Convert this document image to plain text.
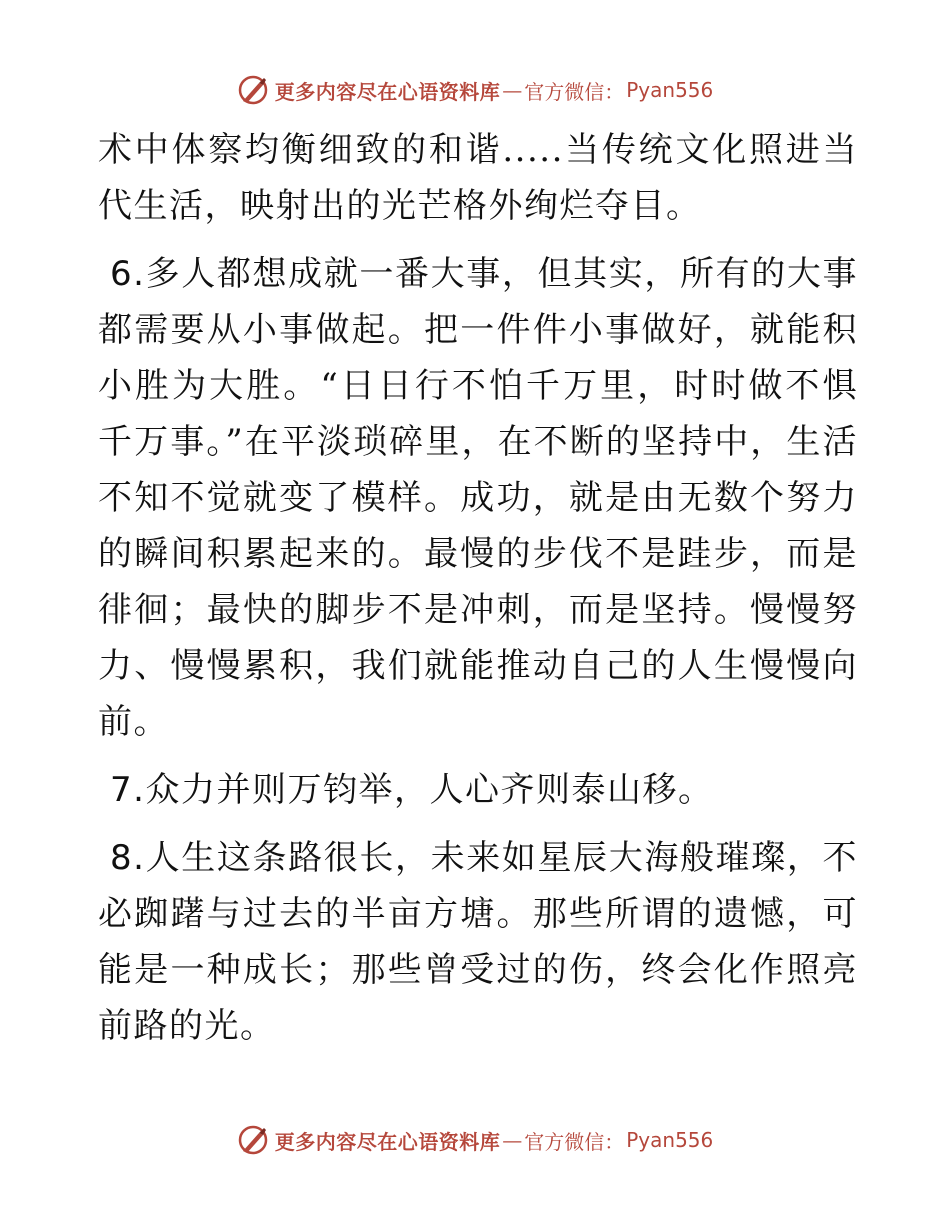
更多内容尽在心语资料库 — 官方微信： Pyan556

术中体察均衡细致的和谐.....当传统文化照进当代生活，映射出的光芒格外绚烂夺目。

6.多人都想成就一番大事，但其实，所有的大事都需要从小事做起。把一件件小事做好，就能积小胜为大胜。“日日行不怕千万里，时时做不惧千万事。”在平淡琐碎里，在不断的坚持中，生活不知不觉就变了模样。成功，就是由无数个努力的瞬间积累起来的。最慢的步伐不是跬步，而是徘徊；最快的脚步不是冲刺，而是坚持。慢慢努力、慢慢累积，我们就能推动自己的人生慢慢向前。

7.众力并则万钧举，人心齐则泰山移。

8.人生这条路很长，未来如星辰大海般璀璨，不必踟躇与过去的半亩方塘。那些所谓的遗憾，可能是一种成长；那些曾受过的伤，终会化作照亮前路的光。

更多内容尽在心语资料库 — 官方微信： Pyan556
